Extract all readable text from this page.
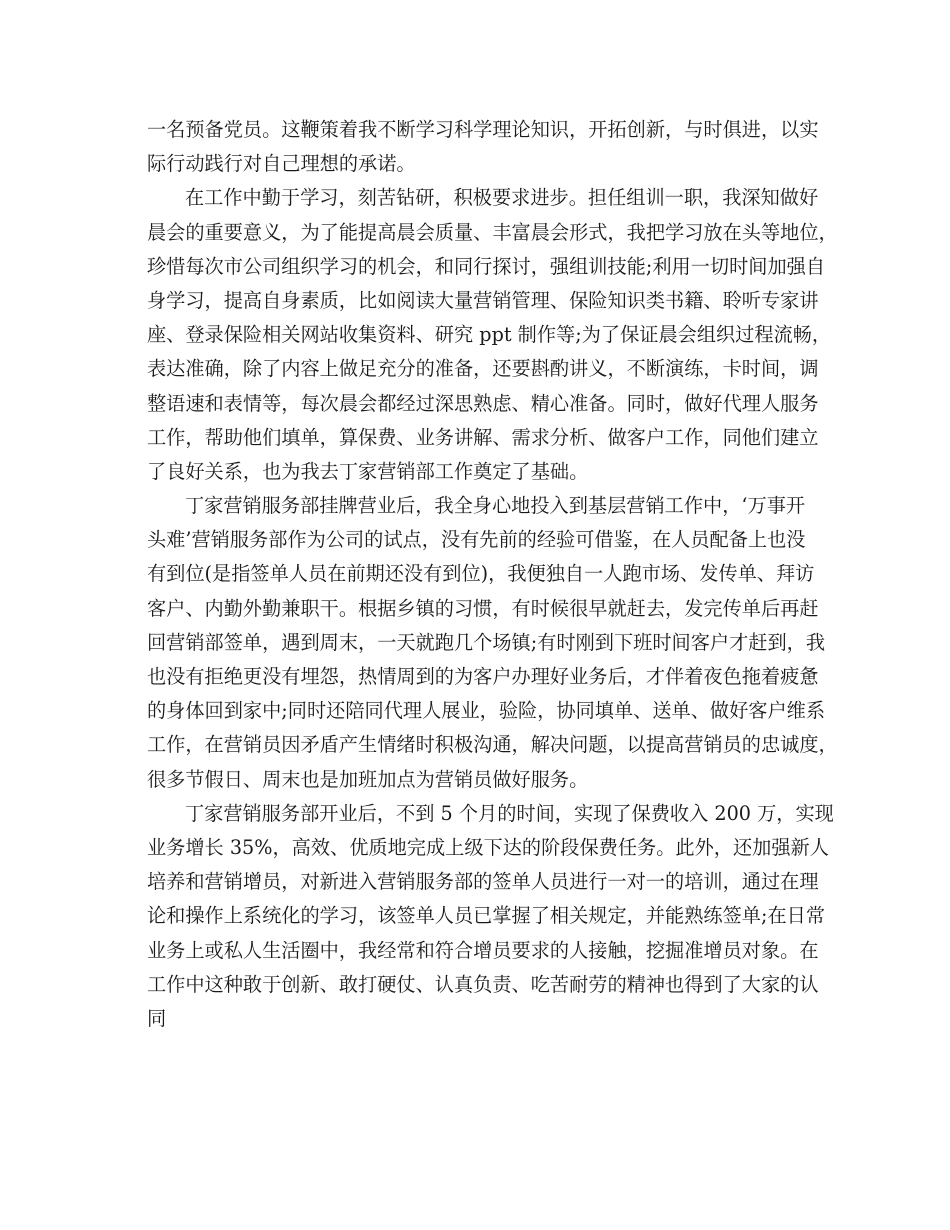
一名预备党员。这鞭策着我不断学习科学理论知识，开拓创新，与时俱进，以实
际行动践行对自己理想的承诺。
在工作中勤于学习，刻苦钻研，积极要求进步。担任组训一职，我深知做好
晨会的重要意义，为了能提高晨会质量、丰富晨会形式，我把学习放在头等地位，
珍惜每次市公司组织学习的机会，和同行探讨，强组训技能;利用一切时间加强自
身学习，提高自身素质，比如阅读大量营销管理、保险知识类书籍、聆听专家讲
座、登录保险相关网站收集资料、研究 ppt 制作等;为了保证晨会组织过程流畅，
表达准确，除了内容上做足充分的准备，还要斟酌讲义，不断演练，卡时间，调
整语速和表情等，每次晨会都经过深思熟虑、精心准备。同时，做好代理人服务
工作，帮助他们填单，算保费、业务讲解、需求分析、做客户工作，同他们建立
了良好关系，也为我去丁家营销部工作奠定了基础。
丁家营销服务部挂牌营业后，我全身心地投入到基层营销工作中，‘万事开
头难’营销服务部作为公司的试点，没有先前的经验可借鉴，在人员配备上也没
有到位(是指签单人员在前期还没有到位)，我便独自一人跑市场、发传单、拜访
客户、内勤外勤兼职干。根据乡镇的习惯，有时候很早就赶去，发完传单后再赶
回营销部签单，遇到周末，一天就跑几个场镇;有时刚到下班时间客户才赶到，我
也没有拒绝更没有埋怨，热情周到的为客户办理好业务后，才伴着夜色拖着疲惫
的身体回到家中;同时还陪同代理人展业，验险，协同填单、送单、做好客户维系
工作，在营销员因矛盾产生情绪时积极沟通，解决问题，以提高营销员的忠诚度，
很多节假日、周末也是加班加点为营销员做好服务。
丁家营销服务部开业后，不到 5 个月的时间，实现了保费收入 200 万，实现
业务增长 35%，高效、优质地完成上级下达的阶段保费任务。此外，还加强新人
培养和营销增员，对新进入营销服务部的签单人员进行一对一的培训，通过在理
论和操作上系统化的学习，该签单人员已掌握了相关规定，并能熟练签单;在日常
业务上或私人生活圈中，我经常和符合增员要求的人接触，挖掘准增员对象。在
工作中这种敢于创新、敢打硬仗、认真负责、吃苦耐劳的精神也得到了大家的认
同
